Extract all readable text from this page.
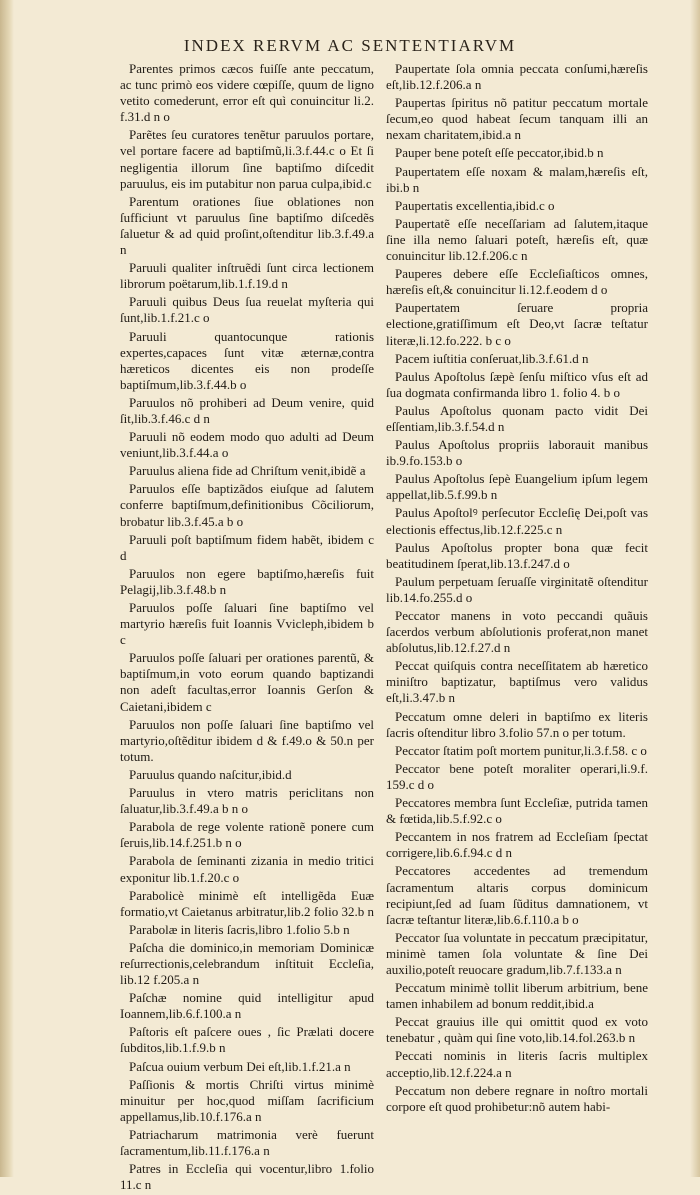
INDEX RERVM AC SENTENTIARVM

Parentes primos cæcos fuiſſe ante peccatum, ac tunc primò eos videre cœpiſſe, quum de ligno vetito comederunt, error eſt quì conuincitur li.2. f.31.d n o

Parẽtes ſeu curatores tenẽtur paruulos portare, vel portare facere ad baptiſmũ,li.3.f.44.c o Et ſi negligentia illorum ſine baptiſmo diſcedit paruulus, eis im putabitur non parua culpa,ibid.c

Parentum orationes ſiue oblationes non ſufficiunt vt paruulus ſine baptiſmo diſcedẽs ſaluetur & ad quid proſint,oſtenditur lib.3.f.49.a n

Paruuli qualiter inſtruẽdi ſunt circa lectionem librorum poëtarum,lib.1.f.19.d n

Paruuli quibus Deus ſua reuelat myſteria qui ſunt,lib.1.f.21.c o

Paruuli quantocunque rationis expertes,capaces ſunt vitæ æternæ,contra hæreticos dicentes eis non prodeſſe baptiſmum,lib.3.f.44.b o

Paruulos nõ prohiberi ad Deum venire, quid ſit,lib.3.f.46.c d n

Paruuli nõ eodem modo quo adulti ad Deum veniunt,lib.3.f.44.a o

Paruulus aliena fide ad Chriſtum venit,ibidẽ a

Paruulos eſſe baptizãdos eiuſque ad ſalutem conferre baptiſmum,definitionibus Cõciliorum, brobatur lib.3.f.45.a b o

Paruuli poſt baptiſmum fidem habẽt, ibidem c d

Paruulos non egere baptiſmo,hæreſis fuit Pelagij,lib.3.f.48.b n

Paruulos poſſe ſaluari ſine baptiſmo vel martyrio hæreſis fuit Ioannis Vvicleph,ibidem b c

Paruulos poſſe ſaluari per orationes parentũ, & baptiſmum,in voto eorum quando baptizandi non adeſt facultas,error Ioannis Gerſon & Caietani,ibidem c

Paruulos non poſſe ſaluari ſine baptiſmo vel martyrio,oſtẽditur ibidem d & f.49.o & 50.n per totum.

Paruulus quando naſcitur,ibid.d

Paruulus in vtero matris periclitans non ſaluatur,lib.3.f.49.a b n o

Parabola de rege volente rationẽ ponere cum ſeruis,lib.14.f.251.b n o

Parabola de ſeminanti zizania in medio tritici exponitur lib.1.f.20.c o

Parabolicè minimè eſt intelligẽda Euæ formatio,vt Caietanus arbitratur,lib.2 folio 32.b n

Parabolæ in literis ſacris,libro 1.folio 5.b n

Paſcha die dominico,in memoriam Dominicæ reſurrectionis,celebrandum inſtituit Eccleſia, lib.12 f.205.a n

Paſchæ nomine quid intelligitur apud Ioannem,lib.6.f.100.a n

Paſtoris eſt paſcere oues , ſic Prælati docere ſubditos,lib.1.f.9.b n

Paſcua ouium verbum Dei eſt,lib.1.f.21.a n

Paſſionis & mortis Chriſti virtus minimè minuitur per hoc,quod miſſam ſacrificium appellamus,lib.10.f.176.a n

Patriacharum matrimonia verè fuerunt ſacramentum,lib.11.f.176.a n

Patres in Eccleſia qui vocentur,libro 1.folio 11.c n

Paupertate ſola omnia peccata conſumi,hæreſis eſt,lib.12.f.206.a n

Paupertas ſpiritus nõ patitur peccatum mortale ſecum,eo quod habeat ſecum tanquam illi an nexam charitatem,ibid.a n

Pauper bene poteſt eſſe peccator,ibid.b n

Paupertatem eſſe noxam & malam,hæreſis eſt, ibi.b n

Paupertatis excellentia,ibid.c o

Paupertatẽ eſſe neceſſariam ad ſalutem,itaque ſine illa nemo ſaluari poteſt, hæreſis eſt, quæ conuincitur lib.12.f.206.c n

Pauperes debere eſſe Eccleſiaſticos omnes, hæreſis eſt,& conuincitur li.12.f.eodem d o

Paupertatem ſeruare propria electione,gratiſſimum eſt Deo,vt ſacræ teſtatur literæ,li.12.fo.222. b c o

Pacem iuſtitia conſeruat,lib.3.f.61.d n

Paulus Apoſtolus ſæpè ſenſu miſtico vſus eſt ad ſua dogmata confirmanda libro 1. folio 4. b o

Paulus Apoſtolus quonam pacto vidit Dei eſſentiam,lib.3.f.54.d n

Paulus Apoſtolus propriis laborauit manibus ib.9.fo.153.b o

Paulus Apoſtolus ſepè Euangelium ipſum legem appellat,lib.5.f.99.b n

Paulus Apoſtolꝰ perſecutor Eccleſię Dei,poſt vas electionis effectus,lib.12.f.225.c n

Paulus Apoſtolus propter bona quæ fecit beatitudinem ſperat,lib.13.f.247.d o

Paulum perpetuam ſeruaſſe virginitatẽ oſtenditur lib.14.fo.255.d o

Peccator manens in voto peccandi quãuis ſacerdos verbum abſolutionis proferat,non manet abſolutus,lib.12.f.27.d n

Peccat quiſquis contra neceſſitatem ab hæretico miniſtro baptizatur, baptiſmus vero validus eſt,li.3.47.b n

Peccatum omne deleri in baptiſmo ex literis ſacris oſtenditur libro 3.folio 57.n o per totum.

Peccator ſtatim poſt mortem punitur,li.3.f.58. c o

Peccator bene poteſt moraliter operari,li.9.f. 159.c d o

Peccatores membra ſunt Eccleſiæ, putrida tamen & fœtida,lib.5.f.92.c o

Peccantem in nos fratrem ad Eccleſiam ſpectat corrigere,lib.6.f.94.c d n

Peccatores accedentes ad tremendum ſacramentum altaris corpus dominicum recipiunt,ſed ad ſuam ſũditus damnationem, vt ſacræ teſtantur literæ,lib.6.f.110.a b o

Peccator ſua voluntate in peccatum præcipitatur, minimè tamen ſola voluntate & ſine Dei auxilio,poteſt reuocare gradum,lib.7.f.133.a n

Peccatum minimè tollit liberum arbitrium, bene tamen inhabilem ad bonum reddit,ibid.a

Peccat grauius ille qui omittit quod ex voto tenebatur , quàm qui ſine voto,lib.14.fol.263.b n

Peccati nominis in literis ſacris multiplex acceptio,lib.12.f.224.a n

Peccatum non debere regnare in noſtro mortali corpore eſt quod prohibetur:nõ autem habi-
